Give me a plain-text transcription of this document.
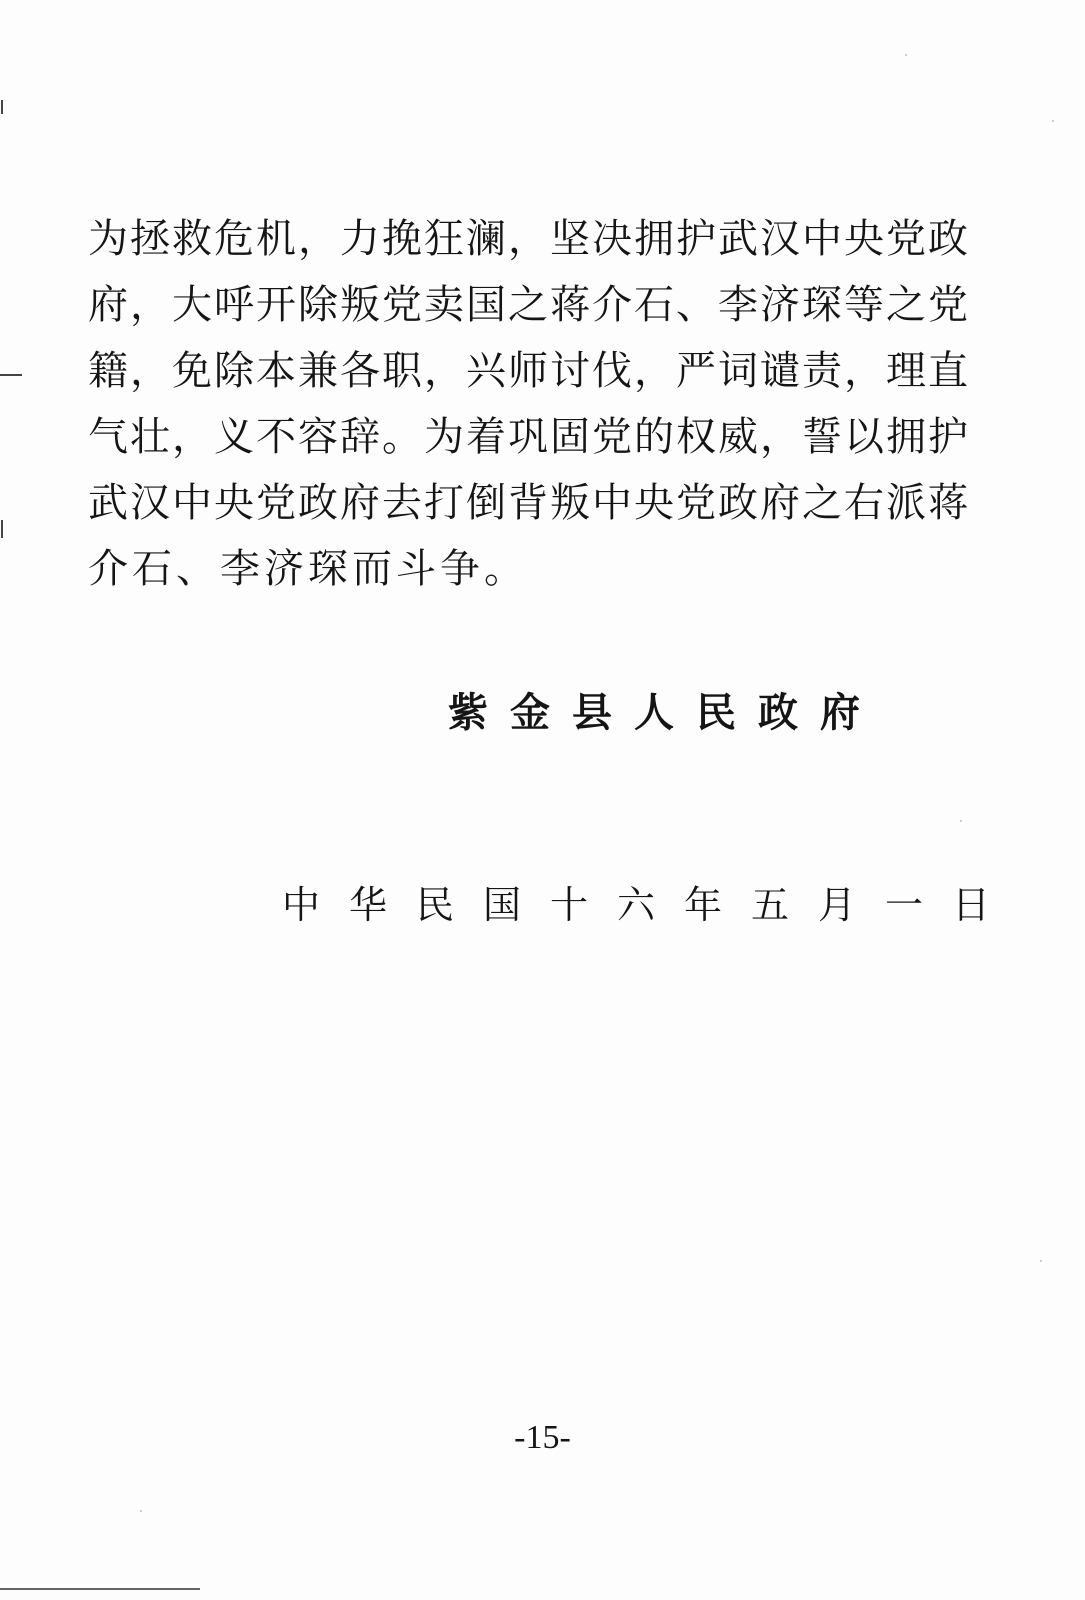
为拯救危机，力挽狂澜，坚决拥护武汉中央党政
府，大呼开除叛党卖国之蒋介石、李济琛等之党
籍，免除本兼各职，兴师讨伐，严词谴责，理直
气壮，义不容辞。为着巩固党的权威，誓以拥护
武汉中央党政府去打倒背叛中央党政府之右派蒋
介石、李济琛而斗争。

紫金县人民政府

中华民国十六年五月一日

-15-
